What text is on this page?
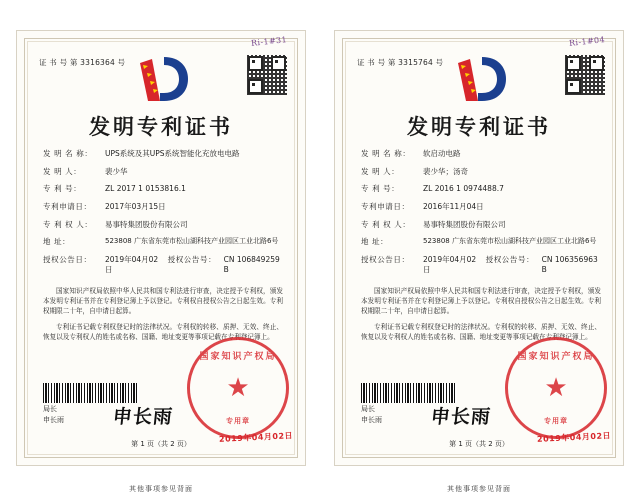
Ri-1#31
证 书 号 第 3316364 号
发明专利证书
发 明 名 称：	UPS系统及其UPS系统智能化充放电电路
发 明 人：	裴少华
专 利 号：	ZL 2017 1 0153816.1
专利申请日：	2017年03月15日
专 利 权 人：	易事特集团股份有限公司
地 址：	523808 广东省东莞市松山湖科技产业园区工业北路6号
授权公告日：	2019年04月02日
授权公告号： CN 106849259 B

国家知识产权局依照中华人民共和国专利法进行审查，决定授予专利权，颁发本发明专利证书并在专利登记簿上予以登记。专利权自授权公告之日起生效。专利权期限二十年，自申请日起算。

专利证书记载专利权登记时的法律状况。专利权的转移、质押、无效、终止、恢复以及专利权人的姓名或名称、国籍、地址变更等事项记载在专利登记簿上。

局长
申长雨	申长雨
国家知识产权局
★
专用章
2019年04月02日
第 1 页（共 2 页）
Ri-1#04
证 书 号 第 3315764 号
发明专利证书
发 明 名 称：	软启动电路
发 明 人：	裴少华；汤奇
专 利 号：	ZL 2016 1 0974488.7
专利申请日：	2016年11月04日
专 利 权 人：	易事特集团股份有限公司
地 址：	523808 广东省东莞市松山湖科技产业园区工业北路6号
授权公告日：	2019年04月02日
授权公告号： CN 106356963 B

国家知识产权局依照中华人民共和国专利法进行审查，决定授予专利权，颁发本发明专利证书并在专利登记簿上予以登记。专利权自授权公告之日起生效。专利权期限二十年，自申请日起算。

专利证书记载专利权登记时的法律状况。专利权的转移、质押、无效、终止、恢复以及专利权人的姓名或名称、国籍、地址变更等事项记载在专利登记簿上。

局长
申长雨	申长雨
国家知识产权局
★
专用章
2019年04月02日
第 1 页（共 2 页）
其他事项参见背面	其他事项参见背面
